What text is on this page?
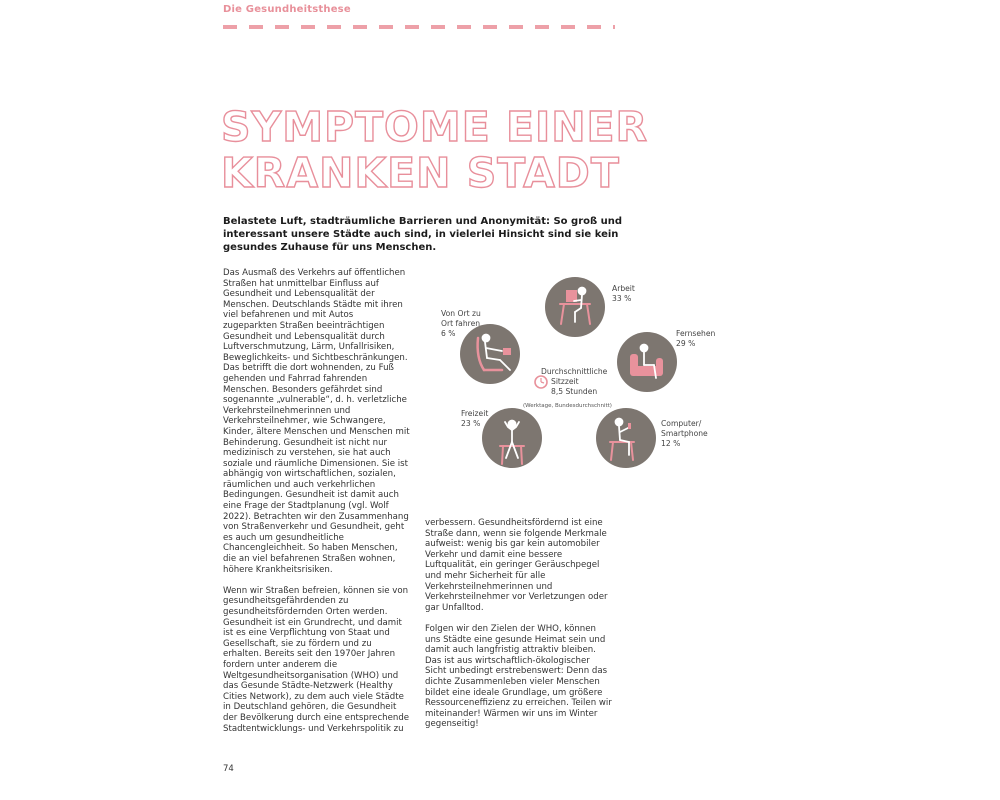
Die Gesundheitsthese
SYMPTOME EINER
KRANKEN STADT

Belastete Luft, stadträumliche Barrieren und Anonymität: So groß und interessant unsere Städte auch sind, in vielerlei Hinsicht sind sie kein gesundes Zuhause für uns Menschen.

Das Ausmaß des Verkehrs auf öffentlichen Straßen hat unmittelbar Einfluss auf Gesundheit und Lebensqualität der Menschen. Deutschlands Städte mit ihren viel befahrenen und mit Autos zugeparkten Straßen beeinträchtigen Gesundheit und Lebensqualität durch Luftverschmutzung, Lärm, Unfallrisiken, Beweglichkeits- und Sichtbeschränkungen. Das betrifft die dort wohnenden, zu Fuß gehenden und Fahrrad fahrenden Menschen. Besonders gefährdet sind sogenannte „vulnerable“, d. h. verletzliche Verkehrsteilnehmerinnen und Verkehrsteilnehmer, wie Schwangere, Kinder, ältere Menschen und Menschen mit Behinderung. Gesundheit ist nicht nur medizinisch zu verstehen, sie hat auch soziale und räumliche Dimensionen. Sie ist abhängig von wirtschaftlichen, sozialen, räumlichen und auch verkehrlichen Bedingungen. Gesundheit ist damit auch eine Frage der Stadtplanung (vgl. Wolf 2022). Betrachten wir den Zusammenhang von Straßenverkehr und Gesundheit, geht es auch um gesundheitliche Chancengleichheit. So haben Menschen, die an viel befahrenen Straßen wohnen, höhere Krankheitsrisiken.

Wenn wir Straßen befreien, können sie von gesundheitsgefährdenden zu gesundheitsfördernden Orten werden. Gesundheit ist ein Grundrecht, und damit ist es eine Verpflichtung von Staat und Gesellschaft, sie zu fördern und zu erhalten. Bereits seit den 1970er Jahren fordern unter anderem die Weltgesundheitsorganisation (WHO) und das Gesunde Städte-Netzwerk (Healthy Cities Network), zu dem auch viele Städte in Deutschland gehören, die Gesundheit der Bevölkerung durch eine entsprechende Stadtentwicklungs- und Verkehrspolitik zu

verbessern. Gesundheitsfördernd ist eine Straße dann, wenn sie folgende Merkmale aufweist: wenig bis gar kein automobiler Verkehr und damit eine bessere Luftqualität, ein geringer Geräuschpegel und mehr Sicherheit für alle Verkehrsteilnehmerinnen und Verkehrsteilnehmer vor Verletzungen oder gar Unfalltod.

Folgen wir den Zielen der WHO, können uns Städte eine gesunde Heimat sein und damit auch langfristig attraktiv bleiben. Das ist aus wirtschaftlich-ökologischer Sicht unbedingt erstrebenswert: Denn das dichte Zusammenleben vieler Menschen bildet eine ideale Grundlage, um größere Ressourceneffizienz zu erreichen. Teilen wir miteinander! Wärmen wir uns im Winter gegenseitig!

Durchschnittliche
Sitzzeit
8,5 Stunden
(Werktage, Bundesdurchschnitt)
Arbeit
33 %
Fernsehen
29 %
Computer/
Smartphone
12 %
Freizeit
23 %
Von Ort zu
Ort fahren
6 %
74
